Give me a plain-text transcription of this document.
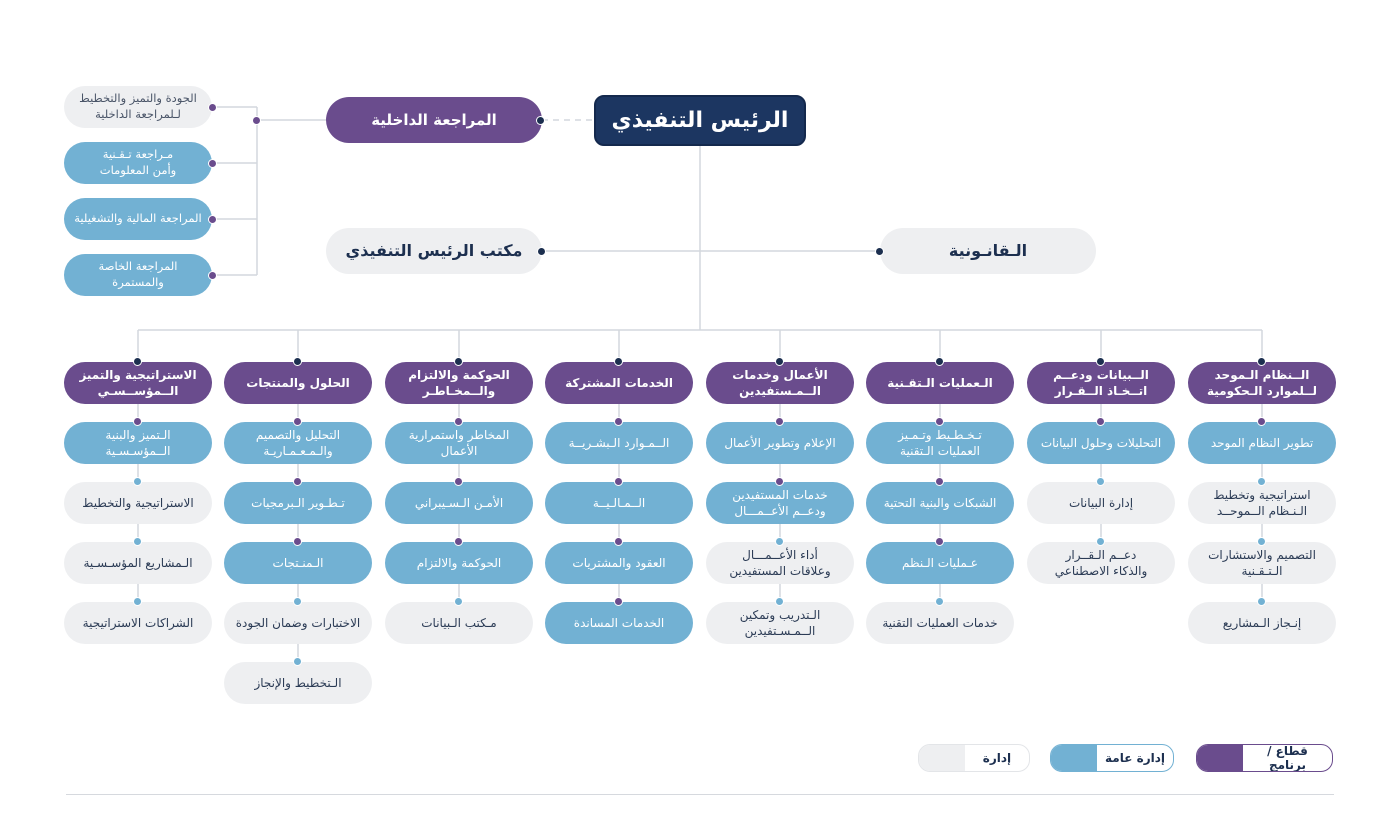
الرئيس التنفيذي
المراجعة الداخلية
الجودة والتميز والتخطيط
لـلمراجعة الداخلية
مـراجعة تـقـنية
وأمن المعلومات
المراجعة المالية والتشغيلية
المراجعة الخاصة والمستمرة
مكتب الرئيس التنفيذي	الـقانـونية
الــنظام الـموحد
لــلموارد الـحكومية
تطوير النظام الموحد
استراتيجية وتخطيط
الـنـظام الــموحــد
التصميم والاستشارات
الـتـقـنية
إنـجاز الـمشاريع
الــبيانات ودعــم
اتــخـاذ الــقـرار
التحليلات وحلول البيانات
إدارة البيانات
دعــم الـقــرار
والذكاء الاصطناعي
الـعمليات الـتقـنية
تـخـطـيط وتـمـيز
العمليات الـتقنية
الشبكات والبنية التحتية
عـمليات الـنظم
خدمات العمليات التقنية
الأعمال وخدمات
الــمـستفيدين
الإعلام وتطوير الأعمال
خدمات المستفيدين
ودعــم الأعــمـــال
أداء الأعــمـــال
وعلاقات المستفيدين
الـتدريب وتمكين
الــمـسـتفيدين
الخدمات المشتركة
الــمـوارد الـبشـريــة
الــمـالـيــة
العقود والمشتريات
الخدمات المساندة
الحوكمة والالتزام
والــمخـاطـر
المخاطر واستمرارية
الأعمال
الأمـن الـسـيبراني
الحوكمة والالتزام
مـكتب الـبيانات
الحلول والمنتجات
التحليل والتصميم
والـمـعـمـاريـة
تـطـوير الـبرمجيات
الـمنـتجات
الاختبارات وضمان الجودة
الـتخطيط والإنجاز
الاستراتيجية والتميز
الــمؤســسـي
الـتميز والبنية
الــمؤسـسـية
الاستراتيجية والتخطيط
الـمشاريع المؤسـسـية
الشراكات الاستراتيجية
قطاع / برنامج
إدارة عامة
إدارة
